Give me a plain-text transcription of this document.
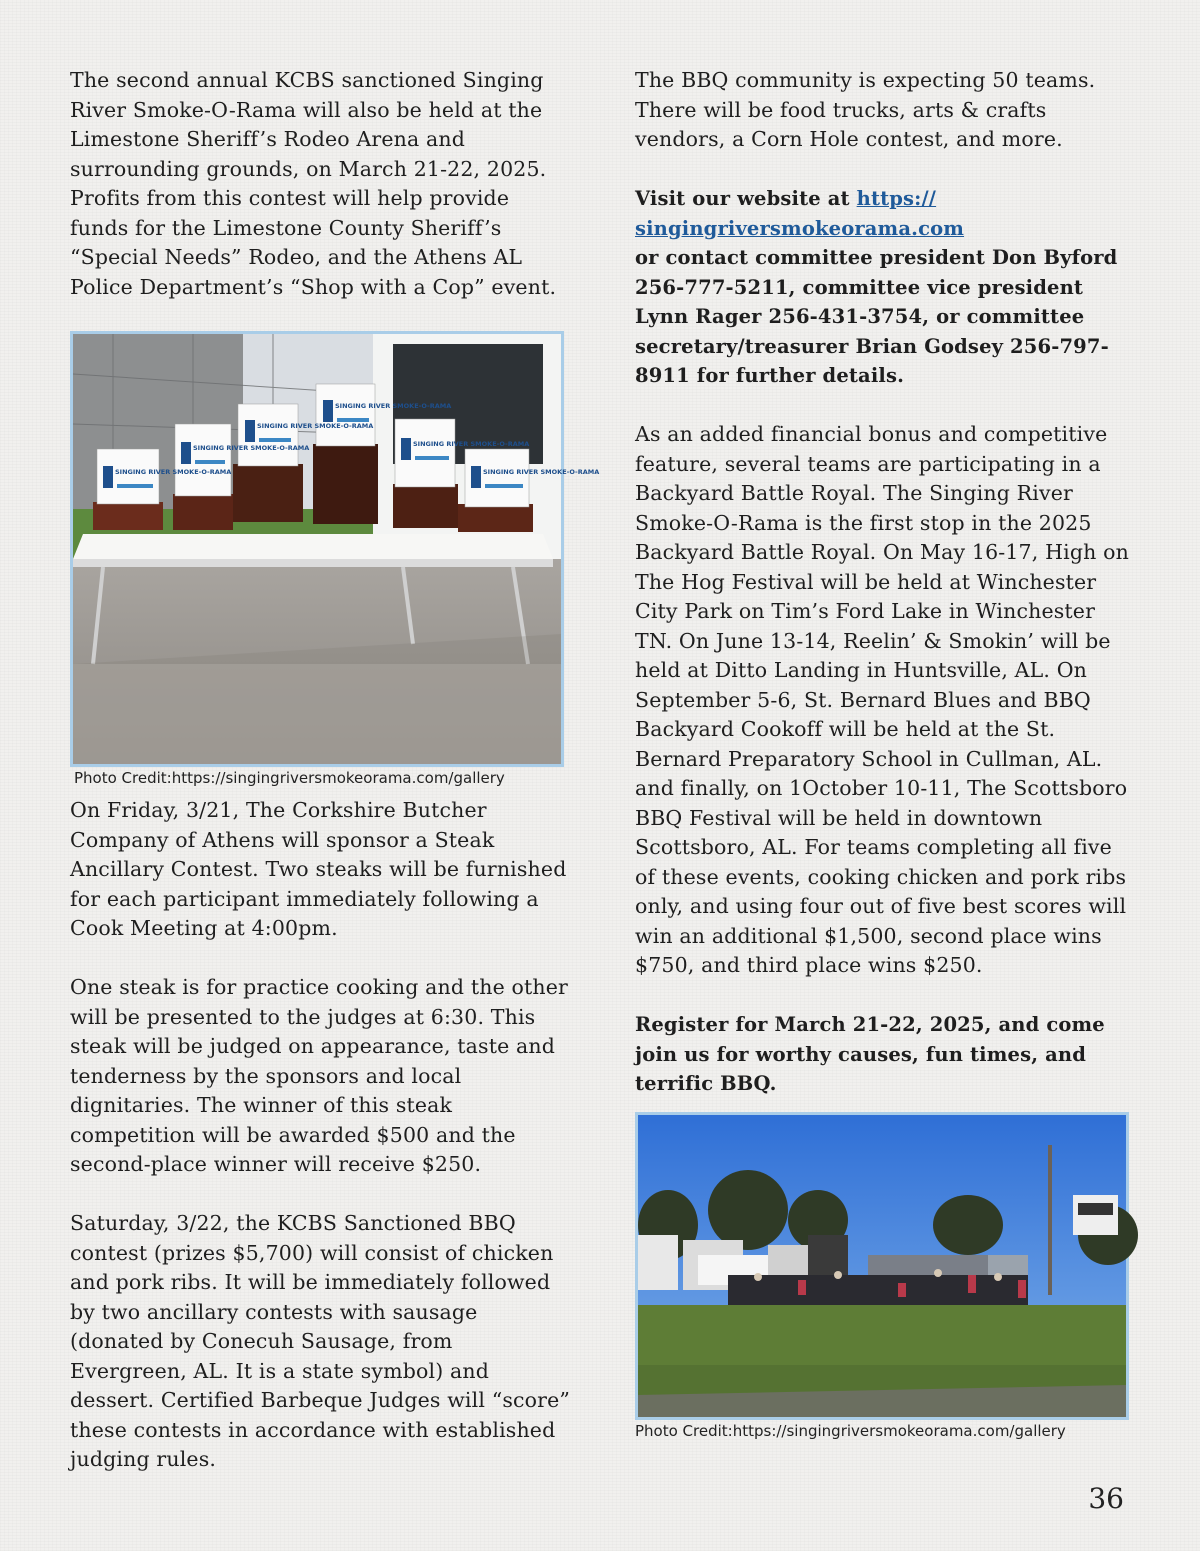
The second annual KCBS sanctioned Singing River Smoke-O-Rama will also be held at the Limestone Sheriff’s Rodeo Arena and surrounding grounds, on March 21-22, 2025. Profits from this contest will help provide funds for the Limestone County Sheriff’s “Special Needs” Rodeo, and the Athens AL Police Department’s “Shop with a Cop” event.

SINGING RIVER SMOKE-O-RAMA
SINGING RIVER SMOKE-O-RAMA
SINGING RIVER SMOKE-O-RAMA
SINGING RIVER SMOKE-O-RAMA
SINGING RIVER SMOKE-O-RAMA
SINGING RIVER SMOKE-O-RAMA
Photo Credit:https://singingriversmokeorama.com/gallery

On Friday, 3/21, The Corkshire Butcher Company of Athens will sponsor a Steak Ancillary Contest. Two steaks will be furnished for each participant immediately following a Cook Meeting at 4:00pm.

One steak is for practice cooking and the other will be presented to the judges at 6:30. This steak will be judged on appearance, taste and tenderness by the sponsors and local dignitaries. The winner of this steak competition will be awarded $500 and the second-place winner will receive $250.

Saturday, 3/22, the KCBS Sanctioned BBQ contest (prizes $5,700) will consist of chicken and pork ribs. It will be immediately followed by two ancillary contests with sausage (donated by Conecuh Sausage, from Evergreen, AL. It is a state symbol) and dessert. Certified Barbeque Judges will “score” these contests in accordance with established judging rules.

The BBQ community is expecting 50 teams. There will be food trucks, arts & crafts vendors, a Corn Hole contest, and more.

Visit our website at https://​singingriversmokeorama.com
or contact committee president Don Byford 256-777-5211, committee vice president Lynn Rager 256-431-3754, or committee secretary/treasurer Brian Godsey 256-797-8911 for further details.

As an added financial bonus and competitive feature, several teams are participating in a Backyard Battle Royal. The Singing River Smoke-O-Rama is the first stop in the 2025 Backyard Battle Royal. On May 16-17, High on The Hog Festival will be held at Winchester City Park on Tim’s Ford Lake in Winchester TN. On June 13-14, Reelin’ & Smokin’ will be held at Ditto Landing in Huntsville, AL. On September 5-6, St. Bernard Blues and BBQ Backyard Cookoff will be held at the St. Bernard Preparatory School in Cullman, AL. and finally, on 1October 10-11, The Scottsboro BBQ Festival will be held in downtown Scottsboro, AL. For teams completing all five of these events, cooking chicken and pork ribs only, and using four out of five best scores will win an additional $1,500, second place wins $750, and third place wins $250.

Register for March 21-22, 2025, and come join us for worthy causes, fun times, and terrific BBQ.

Photo Credit:https://singingriversmokeorama.com/gallery
36
